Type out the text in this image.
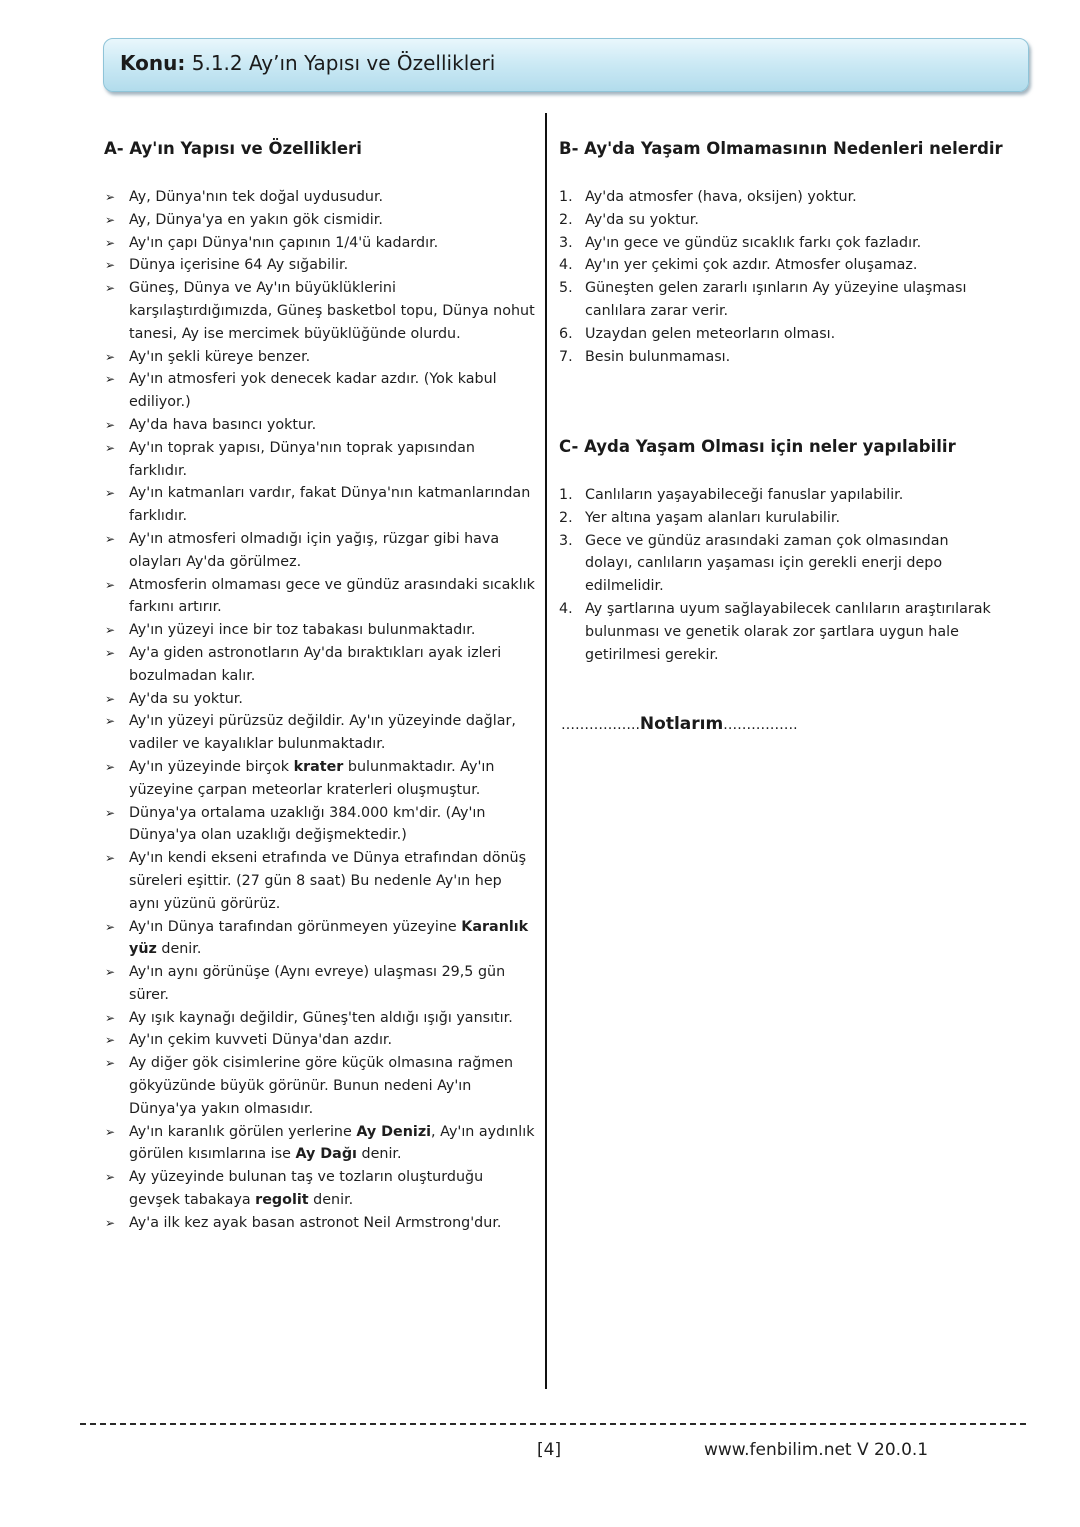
Konu: 5.1.2 Ay’ın Yapısı ve Özellikleri
A- Ay'ın Yapısı ve Özellikleri
➢ Ay, Dünya'nın tek doğal uydusudur.
➢ Ay, Dünya'ya en yakın gök cismidir.
➢ Ay'ın çapı Dünya'nın çapının 1/4'ü kadardır.
➢ Dünya içerisine 64 Ay sığabilir.
➢ Güneş, Dünya ve Ay'ın büyüklüklerini karşılaştırdığımızda, Güneş basketbol topu, Dünya nohut tanesi, Ay ise mercimek büyüklüğünde olurdu.
➢ Ay'ın şekli küreye benzer.
➢ Ay'ın atmosferi yok denecek kadar azdır. (Yok kabul ediliyor.)
➢ Ay'da hava basıncı yoktur.
➢ Ay'ın toprak yapısı, Dünya'nın toprak yapısından farklıdır.
➢ Ay'ın katmanları vardır, fakat Dünya'nın katmanlarından farklıdır.
➢ Ay'ın atmosferi olmadığı için yağış, rüzgar gibi hava olayları Ay'da görülmez.
➢ Atmosferin olmaması gece ve gündüz arasındaki sıcaklık farkını artırır.
➢ Ay'ın yüzeyi ince bir toz tabakası bulunmaktadır.
➢ Ay'a giden astronotların Ay'da bıraktıkları ayak izleri bozulmadan kalır.
➢ Ay'da su yoktur.
➢ Ay'ın yüzeyi pürüzsüz değildir. Ay'ın yüzeyinde dağlar, vadiler ve kayalıklar bulunmaktadır.
➢ Ay'ın yüzeyinde birçok krater bulunmaktadır. Ay'ın yüzeyine çarpan meteorlar kraterleri oluşmuştur.
➢ Dünya'ya ortalama uzaklığı 384.000 km'dir. (Ay'ın Dünya'ya olan uzaklığı değişmektedir.)
➢ Ay'ın kendi ekseni etrafında ve Dünya etrafından dönüş süreleri eşittir. (27 gün 8 saat) Bu nedenle Ay'ın hep aynı yüzünü görürüz.
➢ Ay'ın Dünya tarafından görünmeyen yüzeyine Karanlık yüz denir.
➢ Ay'ın aynı görünüşe (Aynı evreye) ulaşması 29,5 gün sürer.
➢ Ay ışık kaynağı değildir, Güneş'ten aldığı ışığı yansıtır.
➢ Ay'ın çekim kuvveti Dünya'dan azdır.
➢ Ay diğer gök cisimlerine göre küçük olmasına rağmen gökyüzünde büyük görünür. Bunun nedeni Ay'ın Dünya'ya yakın olmasıdır.
➢ Ay'ın karanlık görülen yerlerine Ay Denizi, Ay'ın aydınlık görülen kısımlarına ise Ay Dağı denir.
➢ Ay yüzeyinde bulunan taş ve tozların oluşturduğu gevşek tabakaya regolit denir.
➢ Ay'a ilk kez ayak basan astronot Neil Armstrong'dur.
B- Ay'da Yaşam Olmamasının Nedenleri nelerdir
1. Ay'da atmosfer (hava, oksijen) yoktur.
2. Ay'da su yoktur.
3. Ay'ın gece ve gündüz sıcaklık farkı çok fazladır.
4. Ay'ın yer çekimi çok azdır. Atmosfer oluşamaz.
5. Güneşten gelen zararlı ışınların Ay yüzeyine ulaşması canlılara zarar verir.
6. Uzaydan gelen meteorların olması.
7. Besin bulunmaması.
C- Ayda Yaşam Olması için neler yapılabilir
1. Canlıların yaşayabileceği fanuslar yapılabilir.
2. Yer altına yaşam alanları kurulabilir.
3. Gece ve gündüz arasındaki zaman çok olmasından dolayı, canlıların yaşaması için gerekli enerji depo edilmelidir.
4. Ay şartlarına uyum sağlayabilecek canlıların araştırılarak bulunması ve genetik olarak zor şartlara uygun hale getirilmesi gerekir.
……………..Notlarım…………….
[4]	www.fenbilim.net V 20.0.1
